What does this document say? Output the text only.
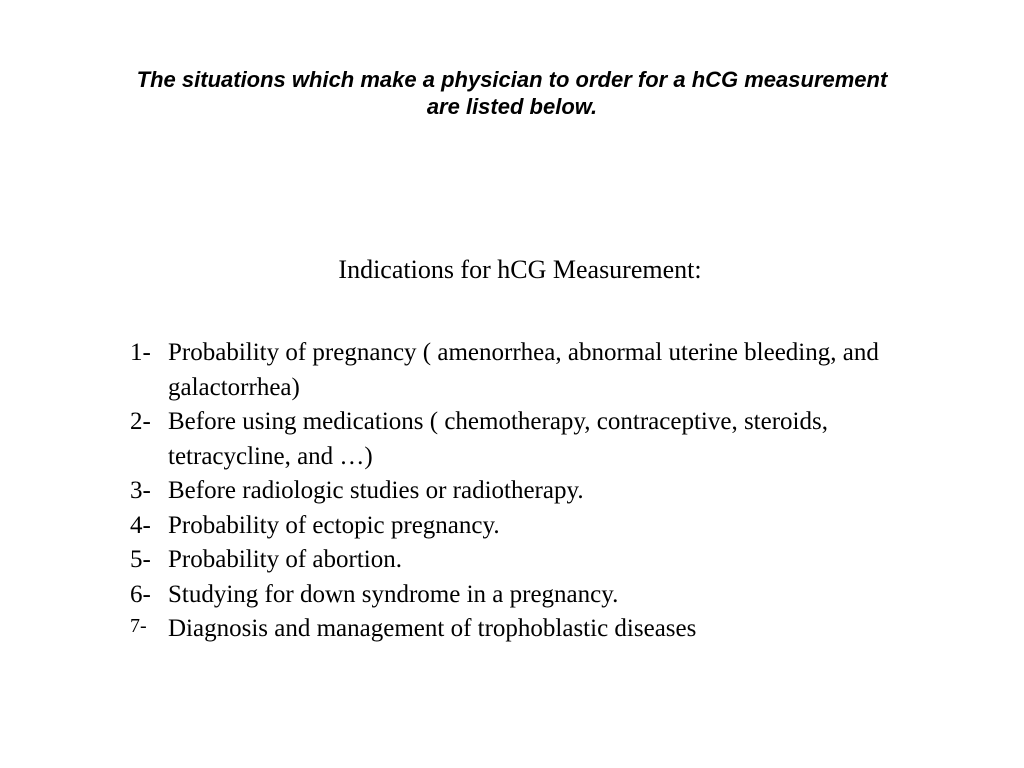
The situations which make a physician to order for a hCG measurement
are listed below.
Indications for hCG Measurement:
1- Probability of pregnancy ( amenorrhea, abnormal uterine bleeding, and galactorrhea)
2- Before using medications ( chemotherapy, contraceptive, steroids, tetracycline, and …)
3- Before radiologic studies or radiotherapy.
4- Probability of ectopic pregnancy.
5- Probability of abortion.
6- Studying for down syndrome in a pregnancy.
7- Diagnosis and management of trophoblastic diseases
